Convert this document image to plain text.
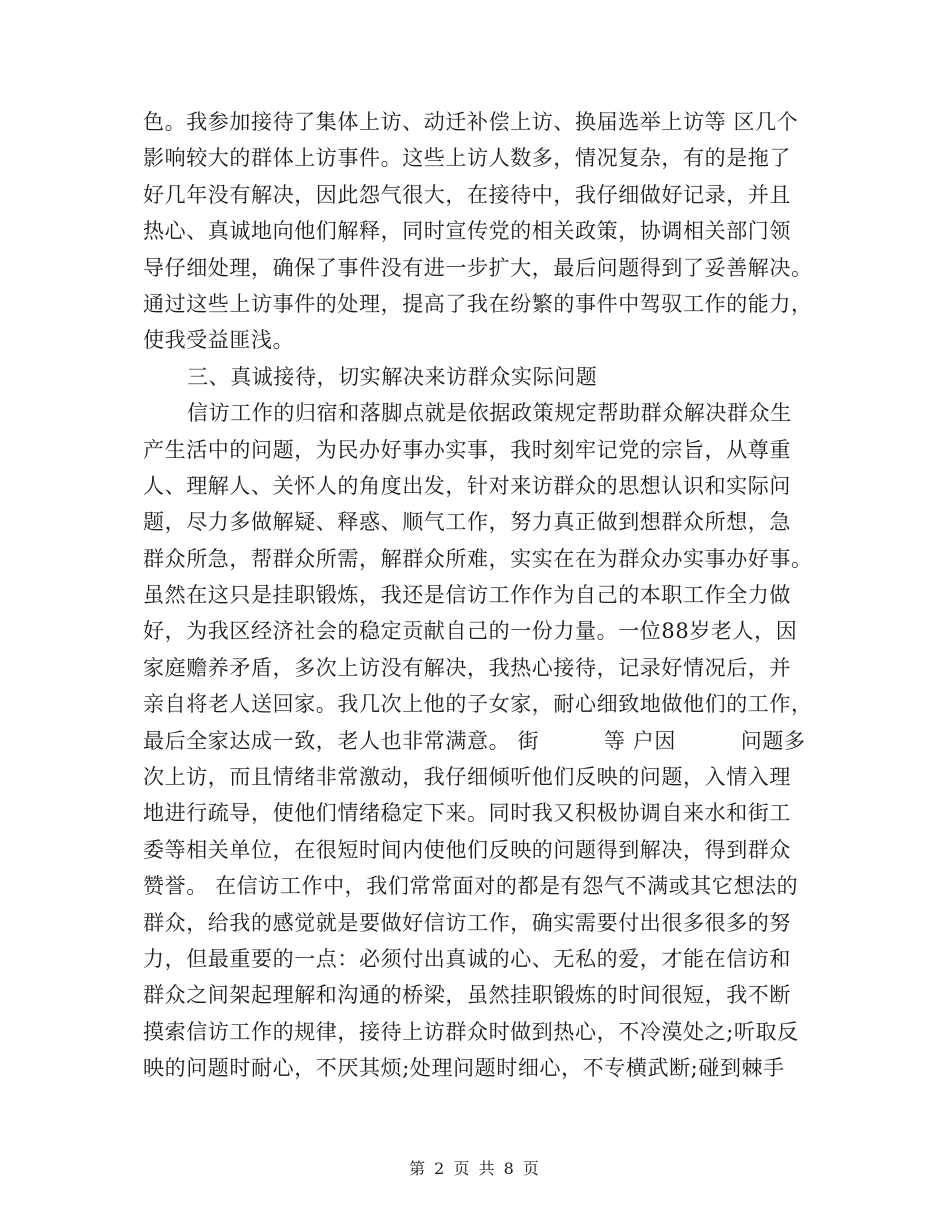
色。我参加接待了集体上访、动迁补偿上访、换届选举上访等 区几个
影响较大的群体上访事件。这些上访人数多，情况复杂，有的是拖了
好几年没有解决，因此怨气很大，在接待中，我仔细做好记录，并且
热心、真诚地向他们解释，同时宣传党的相关政策，协调相关部门领
导仔细处理，确保了事件没有进一步扩大，最后问题得到了妥善解决。
通过这些上访事件的处理，提高了我在纷繁的事件中驾驭工作的能力，
使我受益匪浅。
三、真诚接待，切实解决来访群众实际问题
信访工作的归宿和落脚点就是依据政策规定帮助群众解决群众生
产生活中的问题，为民办好事办实事，我时刻牢记党的宗旨，从尊重
人、理解人、关怀人的角度出发，针对来访群众的思想认识和实际问
题，尽力多做解疑、释惑、顺气工作，努力真正做到想群众所想，急
群众所急，帮群众所需，解群众所难，实实在在为群众办实事办好事。
虽然在这只是挂职锻炼，我还是信访工作作为自己的本职工作全力做
好，为我区经济社会的稳定贡献自己的一份力量。一位88岁老人，因
家庭赡养矛盾，多次上访没有解决，我热心接待，记录好情况后，并
亲自将老人送回家。我几次上他的子女家，耐心细致地做他们的工作，
最后全家达成一致，老人也非常满意。 街　　　等 户因　　　问题多
次上访，而且情绪非常激动，我仔细倾听他们反映的问题，入情入理
地进行疏导，使他们情绪稳定下来。同时我又积极协调自来水和街工
委等相关单位，在很短时间内使他们反映的问题得到解决，得到群众
赞誉。 在信访工作中，我们常常面对的都是有怨气不满或其它想法的
群众，给我的感觉就是要做好信访工作，确实需要付出很多很多的努
力，但最重要的一点：必须付出真诚的心、无私的爱，才能在信访和
群众之间架起理解和沟通的桥梁，虽然挂职锻炼的时间很短，我不断
摸索信访工作的规律，接待上访群众时做到热心，不冷漠处之;听取反
映的问题时耐心，不厌其烦;处理问题时细心，不专横武断;碰到棘手
第 2 页 共 8 页
